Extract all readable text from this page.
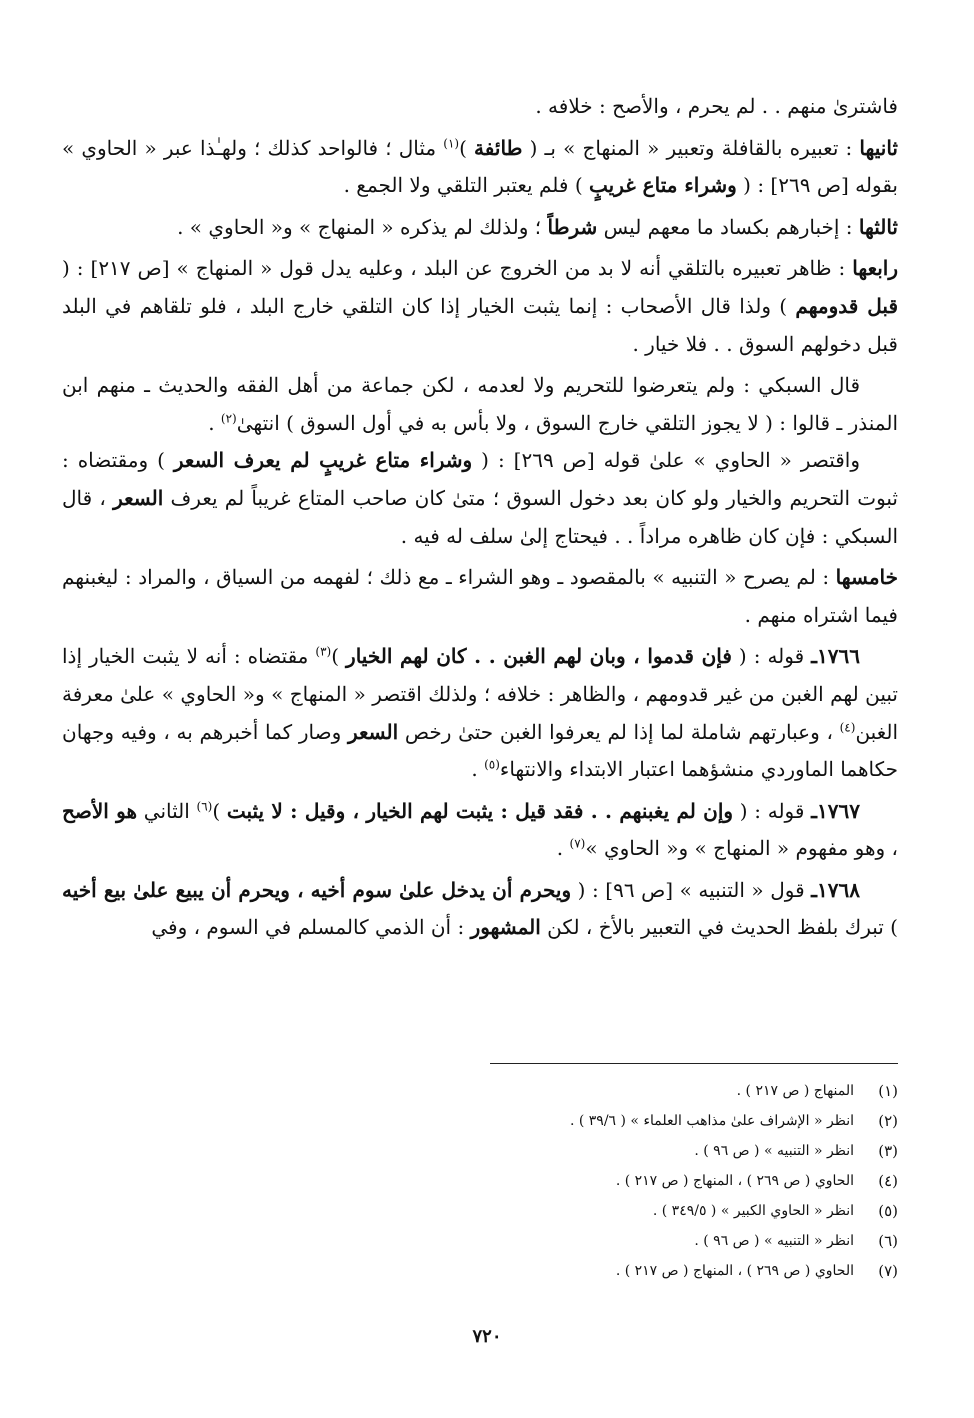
فاشترىٰ منهم . . لم يحرم ، والأصح : خلافه .

ثانيها : تعبيره بالقافلة وتعبير « المنهاج » بـ ( طائفة )$^{(١)}$ مثال ؛ فالواحد كذلك ؛ ولهـٰذا عبر « الحاوي » بقوله [ص ٢٦٩] : ( وشراء متاع غريبٍ ) فلم يعتبر التلقي ولا الجمع .

ثالثها : إخبارهم بكساد ما معهم ليس شرطاً ؛ ولذلك لم يذكره « المنهاج » و« الحاوي » .

رابعها : ظاهر تعبيره بالتلقي أنه لا بد من الخروج عن البلد ، وعليه يدل قول « المنهاج » [ص ٢١٧] : ( قبل قدومهم ) ولذا قال الأصحاب : إنما يثبت الخيار إذا كان التلقي خارج البلد ، فلو تلقاهم في البلد قبل دخولهم السوق . . فلا خيار .

قال السبكي : ولم يتعرضوا للتحريم ولا لعدمه ، لكن جماعة من أهل الفقه والحديث ـ منهم ابن المنذر ـ قالوا : ( لا يجوز التلقي خارج السوق ، ولا بأس به في أول السوق ) انتهىٰ$^{(٢)}$ .

واقتصر « الحاوي » علىٰ قوله [ص ٢٦٩] : ( وشراء متاع غريبٍ لم يعرف السعر ) ومقتضاه : ثبوت التحريم والخيار ولو كان بعد دخول السوق ؛ متىٰ كان صاحب المتاع غريباً لم يعرف السعر ، قال السبكي : فإن كان ظاهره مراداً . . فيحتاج إلىٰ سلف له فيه .

خامسها : لم يصرح « التنبيه » بالمقصود ـ وهو الشراء ـ مع ذلك ؛ لفهمه من السياق ، والمراد : ليغبنهم فيما اشتراه منهم .

١٧٦٦ـ قوله : ( فإن قدموا ، وبان لهم الغبن . . كان لهم الخيار )$^{(٣)}$ مقتضاه : أنه لا يثبت الخيار إذا تبين لهم الغبن من غير قدومهم ، والظاهر : خلافه ؛ ولذلك اقتصر « المنهاج » و« الحاوي » علىٰ معرفة الغبن$^{(٤)}$ ، وعبارتهم شاملة لما إذا لم يعرفوا الغبن حتىٰ رخص السعر وصار كما أخبرهم به ، وفيه وجهان حكاهما الماوردي منشؤهما اعتبار الابتداء والانتهاء$^{(٥)}$ .

١٧٦٧ـ قوله : ( وإن لم يغبنهم . . فقد قيل : يثبت لهم الخيار ، وقيل : لا يثبت )$^{(٦)}$ الثاني هو الأصح ، وهو مفهوم « المنهاج » و« الحاوي »$^{(٧)}$ .

١٧٦٨ـ قول « التنبيه » [ص ٩٦] : ( ويحرم أن يدخل علىٰ سوم أخيه ، ويحرم أن يبيع علىٰ بيع أخيه ) تبرك بلفظ الحديث في التعبير بالأخ ، لكن المشهور : أن الذمي كالمسلم في السوم ، وفي

(١)
المنهاج ( ص ٢١٧ ) .
(٢)
انظر « الإشراف علىٰ مذاهب العلماء » ( ٣٩/٦ ) .
(٣)
انظر « التنبيه » ( ص ٩٦ ) .
(٤)
الحاوي ( ص ٢٦٩ ) ، المنهاج ( ص ٢١٧ ) .
(٥)
انظر « الحاوي الكبير » ( ٣٤٩/٥ ) .
(٦)
انظر « التنبيه » ( ص ٩٦ ) .
(٧)
الحاوي ( ص ٢٦٩ ) ، المنهاج ( ص ٢١٧ ) .
٧٢٠
